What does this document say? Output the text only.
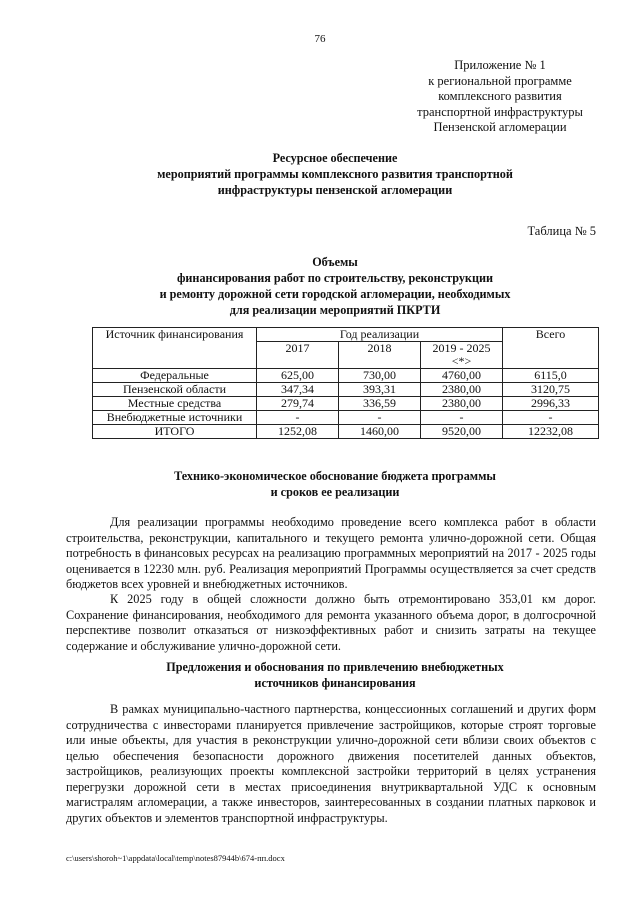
76
Приложение № 1
к региональной программе
комплексного развития
транспортной инфраструктуры
Пензенской агломерации
Ресурсное обеспечение
мероприятий программы комплексного развития транспортной
инфраструктуры пензенской агломерации
Таблица № 5
Объемы
финансирования работ по строительству, реконструкции
и ремонту дорожной сети городской агломерации, необходимых
для реализации мероприятий ПКРТИ
Источник финансирования	Год реализации			Всего
	2017	2018	2019 - 2025 <*>	
Федеральные	625,00	730,00	4760,00	6115,0
Пензенской области	347,34	393,31	2380,00	3120,75
Местные средства	279,74	336,59	2380,00	2996,33
Внебюджетные источники	-	-	-	-
ИТОГО	1252,08	1460,00	9520,00	12232,08
Технико-экономическое обоснование бюджета программы
и сроков ее реализации

Для реализации программы необходимо проведение всего комплекса работ в области строительства, реконструкции, капитального и текущего ремонта улично-дорожной сети. Общая потребность в финансовых ресурсах на реализацию программных мероприятий на 2017 - 2025 годы оценивается в 12230 млн. руб. Реализация мероприятий Программы осуществляется за счет средств бюджетов всех уровней и внебюджетных источников.

К 2025 году в общей сложности должно быть отремонтировано 353,01 км дорог. Сохранение финансирования, необходимого для ремонта указанного объема дорог, в долгосрочной перспективе позволит отказаться от низкоэффективных работ и снизить затраты на текущее содержание и обслуживание улично-дорожной сети.

Предложения и обоснования по привлечению внебюджетных
источников финансирования

В рамках муниципально-частного партнерства, концессионных соглашений и других форм сотрудничества с инвесторами планируется привлечение застройщиков, которые строят торговые или иные объекты, для участия в реконструкции улично-дорожной сети вблизи своих объектов с целью обеспечения безопасности дорожного движения посетителей данных объектов, застройщиков, реализующих проекты комплексной застройки территорий в целях устранения перегрузки дорожной сети в местах присоединения внутриквартальной УДС к основным магистралям агломерации, а также инвесторов, заинтересованных в создании платных парковок и других объектов и элементов транспортной инфраструктуры.

c:\users\shoroh~1\appdata\local\temp\notes87944b\674-пп.docx
